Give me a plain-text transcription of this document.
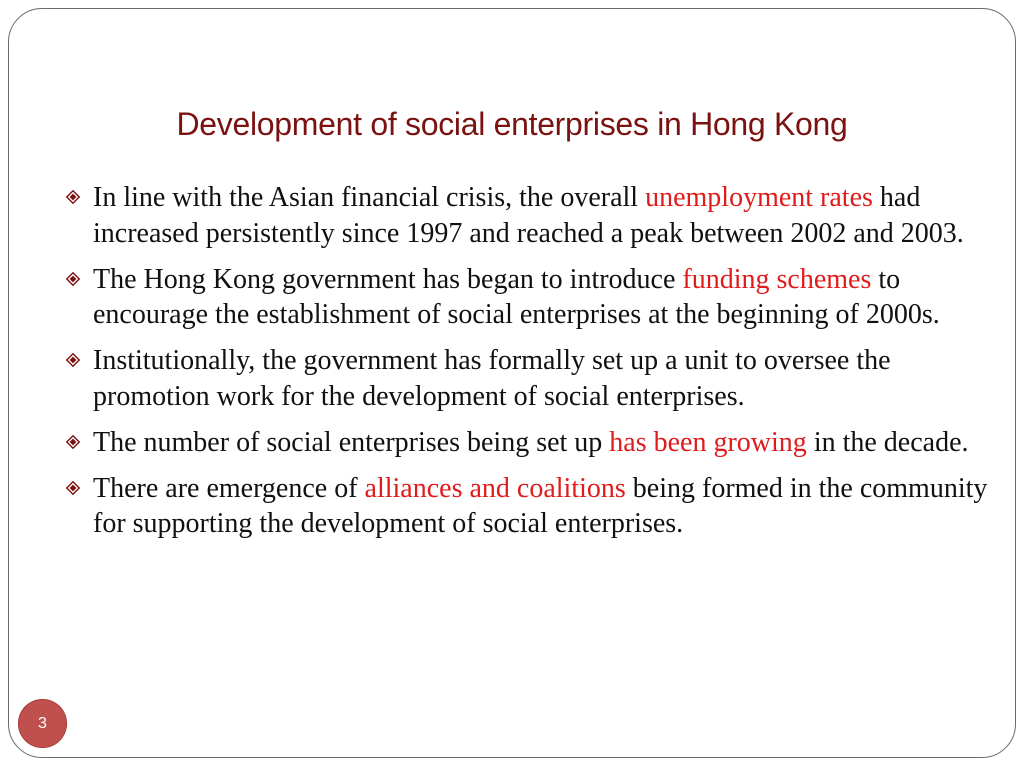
Development of social enterprises in Hong Kong
In line with the Asian financial crisis, the overall unemployment rates had increased persistently since 1997 and reached a peak between 2002 and 2003.
The Hong Kong government has began to introduce funding schemes to encourage the establishment of social enterprises at the beginning of 2000s.
Institutionally, the government has formally set up a unit to oversee the promotion work for the development of social enterprises.
The number of social enterprises being set up has been growing in the decade.
There are emergence of alliances and coalitions being formed in the community for supporting the development of social enterprises.
3
